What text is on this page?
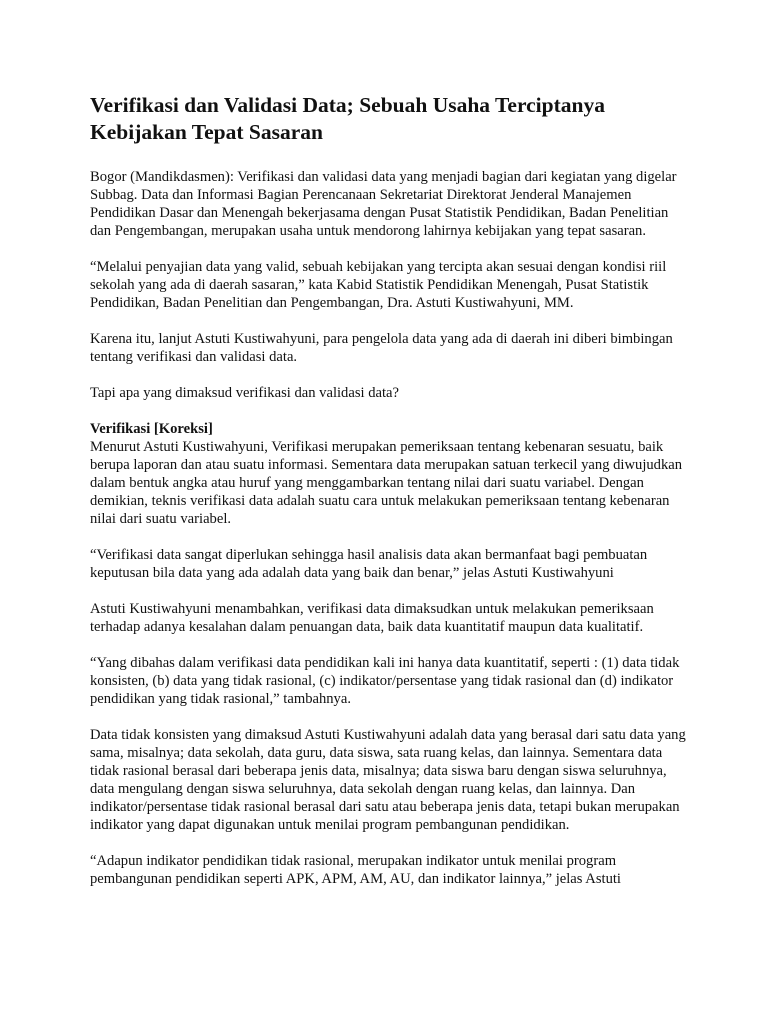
Verifikasi dan Validasi Data; Sebuah Usaha Terciptanya Kebijakan Tepat Sasaran

Bogor (Mandikdasmen): Verifikasi dan validasi data yang menjadi bagian dari kegiatan yang digelar Subbag. Data dan Informasi Bagian Perencanaan Sekretariat Direktorat Jenderal Manajemen Pendidikan Dasar dan Menengah bekerjasama dengan Pusat Statistik Pendidikan, Badan Penelitian dan Pengembangan, merupakan usaha untuk mendorong lahirnya kebijakan yang tepat sasaran.

“Melalui penyajian data yang valid, sebuah kebijakan yang tercipta akan sesuai dengan kondisi riil sekolah yang ada di daerah sasaran,” kata Kabid Statistik Pendidikan Menengah, Pusat Statistik Pendidikan, Badan Penelitian dan Pengembangan, Dra. Astuti Kustiwahyuni, MM.

Karena itu, lanjut Astuti Kustiwahyuni, para pengelola data yang ada di daerah ini diberi bimbingan tentang verifikasi dan validasi data.

Tapi apa yang dimaksud verifikasi dan validasi data?

Verifikasi [Koreksi]

Menurut Astuti Kustiwahyuni, Verifikasi merupakan pemeriksaan tentang kebenaran sesuatu, baik berupa laporan dan atau suatu informasi. Sementara data merupakan satuan terkecil yang diwujudkan dalam bentuk angka atau huruf yang menggambarkan tentang nilai dari suatu variabel. Dengan demikian, teknis verifikasi data adalah suatu cara untuk melakukan pemeriksaan tentang kebenaran nilai dari suatu variabel.

“Verifikasi data sangat diperlukan sehingga hasil analisis data akan bermanfaat bagi pembuatan keputusan bila data yang ada adalah data yang baik dan benar,” jelas Astuti Kustiwahyuni

Astuti Kustiwahyuni menambahkan, verifikasi data dimaksudkan untuk melakukan pemeriksaan terhadap adanya kesalahan dalam penuangan data, baik data kuantitatif maupun data kualitatif.

“Yang dibahas dalam verifikasi data pendidikan kali ini hanya data kuantitatif, seperti : (1) data tidak konsisten, (b) data yang tidak rasional, (c) indikator/persentase yang tidak rasional dan (d) indikator pendidikan yang tidak rasional,” tambahnya.

Data tidak konsisten yang dimaksud Astuti Kustiwahyuni adalah data yang berasal dari satu data yang sama, misalnya; data sekolah, data guru, data siswa, sata ruang kelas, dan lainnya. Sementara data tidak rasional berasal dari beberapa jenis data, misalnya; data siswa baru dengan siswa seluruhnya, data mengulang dengan siswa seluruhnya, data sekolah dengan ruang kelas, dan lainnya. Dan indikator/persentase tidak rasional berasal dari satu atau beberapa jenis data, tetapi bukan merupakan indikator yang dapat digunakan untuk menilai program pembangunan pendidikan.

“Adapun indikator pendidikan tidak rasional, merupakan indikator untuk menilai program pembangunan pendidikan seperti APK, APM, AM, AU, dan indikator lainnya,” jelas Astuti
